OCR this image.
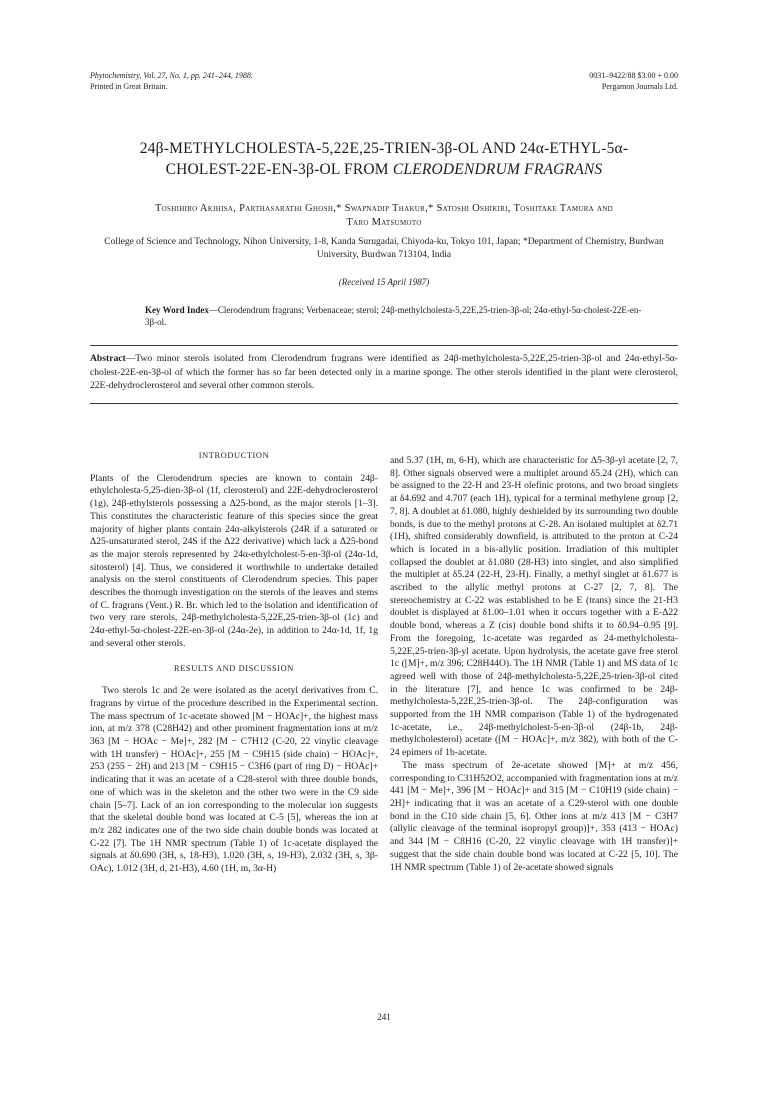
Phytochemistry, Vol. 27, No. 1, pp. 241–244, 1988.
Printed in Great Britain.
0031–9422/88 $3.00 + 0.00
Pergamon Journals Ltd.
24β-METHYLCHOLESTA-5,22E,25-TRIEN-3β-OL AND 24α-ETHYL-5α-
CHOLEST-22E-EN-3β-OL FROM CLERODENDRUM FRAGRANS
Toshihiro Akihisa, Parthasarathi Ghosh,* Swapnadip Thakur,* Satoshi Oshikiri, Toshitake Tamura and
Taro Matsumoto
College of Science and Technology, Nihon University, 1-8, Kanda Surugadai, Chiyoda-ku, Tokyo 101, Japan; *Department of Chemistry, Burdwan University, Burdwan 713104, India
(Received 15 April 1987)
Key Word Index—Clerodendrum fragrans; Verbenaceae; sterol; 24β-methylcholesta-5,22E,25-trien-3β-ol; 24α-ethyl-5α-cholest-22E-en-3β-ol.
Abstract—Two minor sterols isolated from Clerodendrum fragrans were identified as 24β-methylcholesta-5,22E,25-trien-3β-ol and 24α-ethyl-5α-cholest-22E-en-3β-ol of which the former has so far been detected only in a marine sponge. The other sterols identified in the plant were clerosterol, 22E-dehydroclerosterol and several other common sterols.
INTRODUCTION

Plants of the Clerodendrum species are known to contain 24β-ethylcholesta-5,25-dien-3β-ol (1f, clerosterol) and 22E-dehydroclerosterol (1g), 24β-ethylsterols possessing a Δ25-bond, as the major sterols [1–3]. This constitutes the characteristic feature of this species since the great majority of higher plants contain 24α-alkylsterols (24R if a saturated or Δ25-unsaturated sterol, 24S if the Δ22 derivative) which lack a Δ25-bond as the major sterols represented by 24α-ethylcholest-5-en-3β-ol (24α-1d, sitosterol) [4]. Thus, we considered it worthwhile to undertake detailed analysis on the sterol constituents of Clerodendrum species. This paper describes the thorough investigation on the sterols of the leaves and stems of C. fragrans (Vent.) R. Br. which led to the isolation and identification of two very rare sterols, 24β-methylcholesta-5,22E,25-trien-3β-ol (1c) and 24α-ethyl-5α-cholest-22E-en-3β-ol (24α-2e), in addition to 24α-1d, 1f, 1g and several other sterols.

RESULTS AND DISCUSSION

Two sterols 1c and 2e were isolated as the acetyl derivatives from C. fragrans by virtue of the procedure described in the Experimental section. The mass spectrum of 1c-acetate showed [M − HOAc]+, the highest mass ion, at m/z 378 (C28H42) and other prominent fragmentation ions at m/z 363 [M − HOAc − Me]+, 282 [M − C7H12 (C-20, 22 vinylic cleavage with 1H transfer) − HOAc]+, 255 [M − C9H15 (side chain) − HOAc]+, 253 (255 − 2H) and 213 [M − C9H15 − C3H6 (part of ring D) − HOAc]+ indicating that it was an acetate of a C28-sterol with three double bonds, one of which was in the skeleton and the other two were in the C9 side chain [5–7]. Lack of an ion corresponding to the molecular ion suggests that the skeletal double bond was located at C-5 [5], whereas the ion at m/z 282 indicates one of the two side chain double bonds was located at C-22 [7]. The 1H NMR spectrum (Table 1) of 1c-acetate displayed the signals at δ0.690 (3H, s, 18-H3), 1.020 (3H, s, 19-H3), 2.032 (3H, s, 3β-OAc), 1.012 (3H, d, 21-H3), 4.60 (1H, m, 3α-H)

and 5.37 (1H, m, 6-H), which are characteristic for Δ5-3β-yl acetate [2, 7, 8]. Other signals observed were a multiplet around δ5.24 (2H), which can be assigned to the 22-H and 23-H olefinic protons, and two broad singlets at δ4.692 and 4.707 (each 1H), typical for a terminal methylene group [2, 7, 8]. A doublet at δ1.080, highly deshielded by its surrounding two double bonds, is due to the methyl protons at C-28. An isolated multiplet at δ2.71 (1H), shifted considerably downfield, is attributed to the proton at C-24 which is located in a bis-allylic position. Irradiation of this multiplet collapsed the doublet at δ1.080 (28-H3) into singlet, and also simplified the multiplet at δ5.24 (22-H, 23-H). Finally, a methyl singlet at δ1.677 is ascribed to the allylic methyl protons at C-27 [2, 7, 8]. The stereochemistry at C-22 was established to be E (trans) since the 21-H3 doublet is displayed at δ1.00–1.01 when it occurs together with a E-Δ22 double bond, whereas a Z (cis) double bond shifts it to δ0.94–0.95 [9]. From the foregoing, 1c-acetate was regarded as 24-methylcholesta-5,22E,25-trien-3β-yl acetate. Upon hydrolysis, the acetate gave free sterol 1c ([M]+, m/z 396; C28H44O). The 1H NMR (Table 1) and MS data of 1c agreed well with those of 24β-methylcholesta-5,22E,25-trien-3β-ol cited in the literature [7], and hence 1c was confirmed to be 24β-methylcholesta-5,22E,25-trien-3β-ol. The 24β-configuration was supported from the 1H NMR comparison (Table 1) of the hydrogenated 1c-acetate, i.e., 24β-methylcholest-5-en-3β-ol (24β-1b, 24β-methylcholesterol) acetate ([M − HOAc]+, m/z 382), with both of the C-24 epimers of 1b-acetate.

The mass spectrum of 2e-acetate showed [M]+ at m/z 456, corresponding to C31H52O2, accompanied with fragmentation ions at m/z 441 [M − Me]+, 396 [M − HOAc]+ and 315 [M − C10H19 (side chain) − 2H]+ indicating that it was an acetate of a C29-sterol with one double bond in the C10 side chain [5, 6]. Other ions at m/z 413 [M − C3H7 (allylic cleavage of the terminal isopropyl group)]+, 353 (413 − HOAc) and 344 [M − C8H16 (C-20, 22 vinylic cleavage with 1H transfer)]+ suggest that the side chain double bond was located at C-22 [5, 10]. The 1H NMR spectrum (Table 1) of 2e-acetate showed signals

241
